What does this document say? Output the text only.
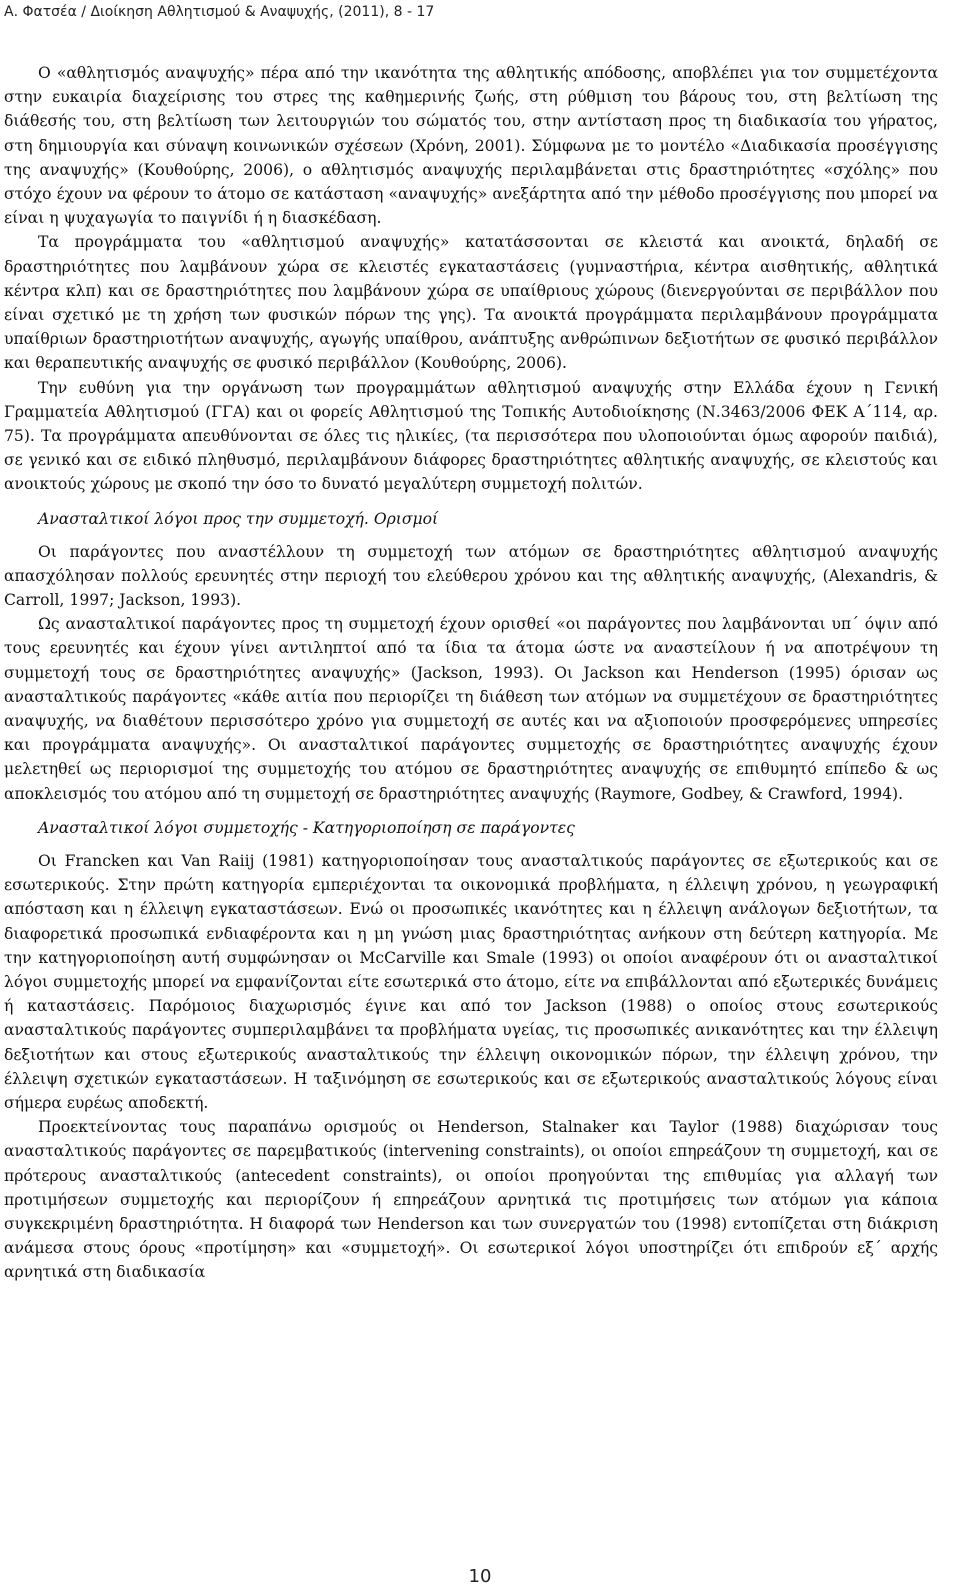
Α. Φατσέα / Διοίκηση Αθλητισμού & Αναψυχής, (2011), 8 - 17

Ο «αθλητισμός αναψυχής» πέρα από την ικανότητα της αθλητικής απόδοσης, αποβλέπει για τον συμμετέχοντα στην ευκαιρία διαχείρισης του στρες της καθημερινής ζωής, στη ρύθμιση του βάρους του, στη βελτίωση της διάθεσής του, στη βελτίωση των λειτουργιών του σώματός του, στην αντίσταση προς τη διαδικασία του γήρατος, στη δημιουργία και σύναψη κοινωνικών σχέσεων (Χρόνη, 2001). Σύμφωνα με το μοντέλο «Διαδικασία προσέγγισης της αναψυχής» (Κουθούρης, 2006), ο αθλητισμός αναψυχής περιλαμβάνεται στις δραστηριότητες «σχόλης» που στόχο έχουν να φέρουν το άτομο σε κατάσταση «αναψυχής» ανεξάρτητα από την μέθοδο προσέγγισης που μπορεί να είναι η ψυχαγωγία το παιγνίδι ή η διασκέδαση.

Τα προγράμματα του «αθλητισμού αναψυχής» κατατάσσονται σε κλειστά και ανοικτά, δηλαδή σε δραστηριότητες που λαμβάνουν χώρα σε κλειστές εγκαταστάσεις (γυμναστήρια, κέντρα αισθητικής, αθλητικά κέντρα κλπ) και σε δραστηριότητες που λαμβάνουν χώρα σε υπαίθριους χώρους (διενεργούνται σε περιβάλλον που είναι σχετικό με τη χρήση των φυσικών πόρων της γης). Τα ανοικτά προγράμματα περιλαμβάνουν προγράμματα υπαίθριων δραστηριοτήτων αναψυχής, αγωγής υπαίθρου, ανάπτυξης ανθρώπινων δεξιοτήτων σε φυσικό περιβάλλον και θεραπευτικής αναψυχής σε φυσικό περιβάλλον (Κουθούρης, 2006).

Την ευθύνη για την οργάνωση των προγραμμάτων αθλητισμού αναψυχής στην Ελλάδα έχουν η Γενική Γραμματεία Αθλητισμού (ΓΓΑ) και οι φορείς Αθλητισμού της Τοπικής Αυτοδιοίκησης (Ν.3463/2006 ΦΕΚ Α΄114, αρ. 75). Τα προγράμματα απευθύνονται σε όλες τις ηλικίες, (τα περισσότερα που υλοποιούνται όμως αφορούν παιδιά), σε γενικό και σε ειδικό πληθυσμό, περιλαμβάνουν διάφορες δραστηριότητες αθλητικής αναψυχής, σε κλειστούς και ανοικτούς χώρους με σκοπό την όσο το δυνατό μεγαλύτερη συμμετοχή πολιτών.

Ανασταλτικοί λόγοι προς την συμμετοχή. Ορισμοί

Οι παράγοντες που αναστέλλουν τη συμμετοχή των ατόμων σε δραστηριότητες αθλητισμού αναψυχής απασχόλησαν πολλούς ερευνητές στην περιοχή του ελεύθερου χρόνου και της αθλητικής αναψυχής, (Alexandris, & Carroll, 1997; Jackson, 1993).

Ως ανασταλτικοί παράγοντες προς τη συμμετοχή έχουν ορισθεί «οι παράγοντες που λαμβάνονται υπ΄ όψιν από τους ερευνητές και έχουν γίνει αντιληπτοί από τα ίδια τα άτομα ώστε να αναστείλουν ή να αποτρέψουν τη συμμετοχή τους σε δραστηριότητες αναψυχής» (Jackson, 1993). Οι Jackson και Henderson (1995) όρισαν ως ανασταλτικούς παράγοντες «κάθε αιτία που περιορίζει τη διάθεση των ατόμων να συμμετέχουν σε δραστηριότητες αναψυχής, να διαθέτουν περισσότερο χρόνο για συμμετοχή σε αυτές και να αξιοποιούν προσφερόμενες υπηρεσίες και προγράμματα αναψυχής». Οι ανασταλτικοί παράγοντες συμμετοχής σε δραστηριότητες αναψυχής έχουν μελετηθεί ως περιορισμοί της συμμετοχής του ατόμου σε δραστηριότητες αναψυχής σε επιθυμητό επίπεδο & ως αποκλεισμός του ατόμου από τη συμμετοχή σε δραστηριότητες αναψυχής (Raymore, Godbey, & Crawford, 1994).

Ανασταλτικοί λόγοι συμμετοχής - Κατηγοριοποίηση σε παράγοντες

Οι Francken και Van Raiij (1981) κατηγοριοποίησαν τους ανασταλτικούς παράγοντες σε εξωτερικούς και σε εσωτερικούς. Στην πρώτη κατηγορία εμπεριέχονται τα οικονομικά προβλήματα, η έλλειψη χρόνου, η γεωγραφική απόσταση και η έλλειψη εγκαταστάσεων. Ενώ οι προσωπικές ικανότητες και η έλλειψη ανάλογων δεξιοτήτων, τα διαφορετικά προσωπικά ενδιαφέροντα και η μη γνώση μιας δραστηριότητας ανήκουν στη δεύτερη κατηγορία. Με την κατηγοριοποίηση αυτή συμφώνησαν οι McCarville και Smale (1993) οι οποίοι αναφέρουν ότι οι ανασταλτικοί λόγοι συμμετοχής μπορεί να εμφανίζονται είτε εσωτερικά στο άτομο, είτε να επιβάλλονται από εξωτερικές δυνάμεις ή καταστάσεις. Παρόμοιος διαχωρισμός έγινε και από τον Jackson (1988) ο οποίος στους εσωτερικούς ανασταλτικούς παράγοντες συμπεριλαμβάνει τα προβλήματα υγείας, τις προσωπικές ανικανότητες και την έλλειψη δεξιοτήτων και στους εξωτερικούς ανασταλτικούς την έλλειψη οικονομικών πόρων, την έλλειψη χρόνου, την έλλειψη σχετικών εγκαταστάσεων. Η ταξινόμηση σε εσωτερικούς και σε εξωτερικούς ανασταλτικούς λόγους είναι σήμερα ευρέως αποδεκτή.

Προεκτείνοντας τους παραπάνω ορισμούς οι Henderson, Stalnaker και Taylor (1988) διαχώρισαν τους ανασταλτικούς παράγοντες σε παρεμβατικούς (intervening constraints), οι οποίοι επηρεάζουν τη συμμετοχή, και σε πρότερους ανασταλτικούς (antecedent constraints), οι οποίοι προηγούνται της επιθυμίας για αλλαγή των προτιμήσεων συμμετοχής και περιορίζουν ή επηρεάζουν αρνητικά τις προτιμήσεις των ατόμων για κάποια συγκεκριμένη δραστηριότητα. Η διαφορά των Henderson και των συνεργατών του (1998) εντοπίζεται στη διάκριση ανάμεσα στους όρους «προτίμηση» και «συμμετοχή». Οι εσωτερικοί λόγοι υποστηρίζει ότι επιδρούν εξ΄ αρχής αρνητικά στη διαδικασία

10
